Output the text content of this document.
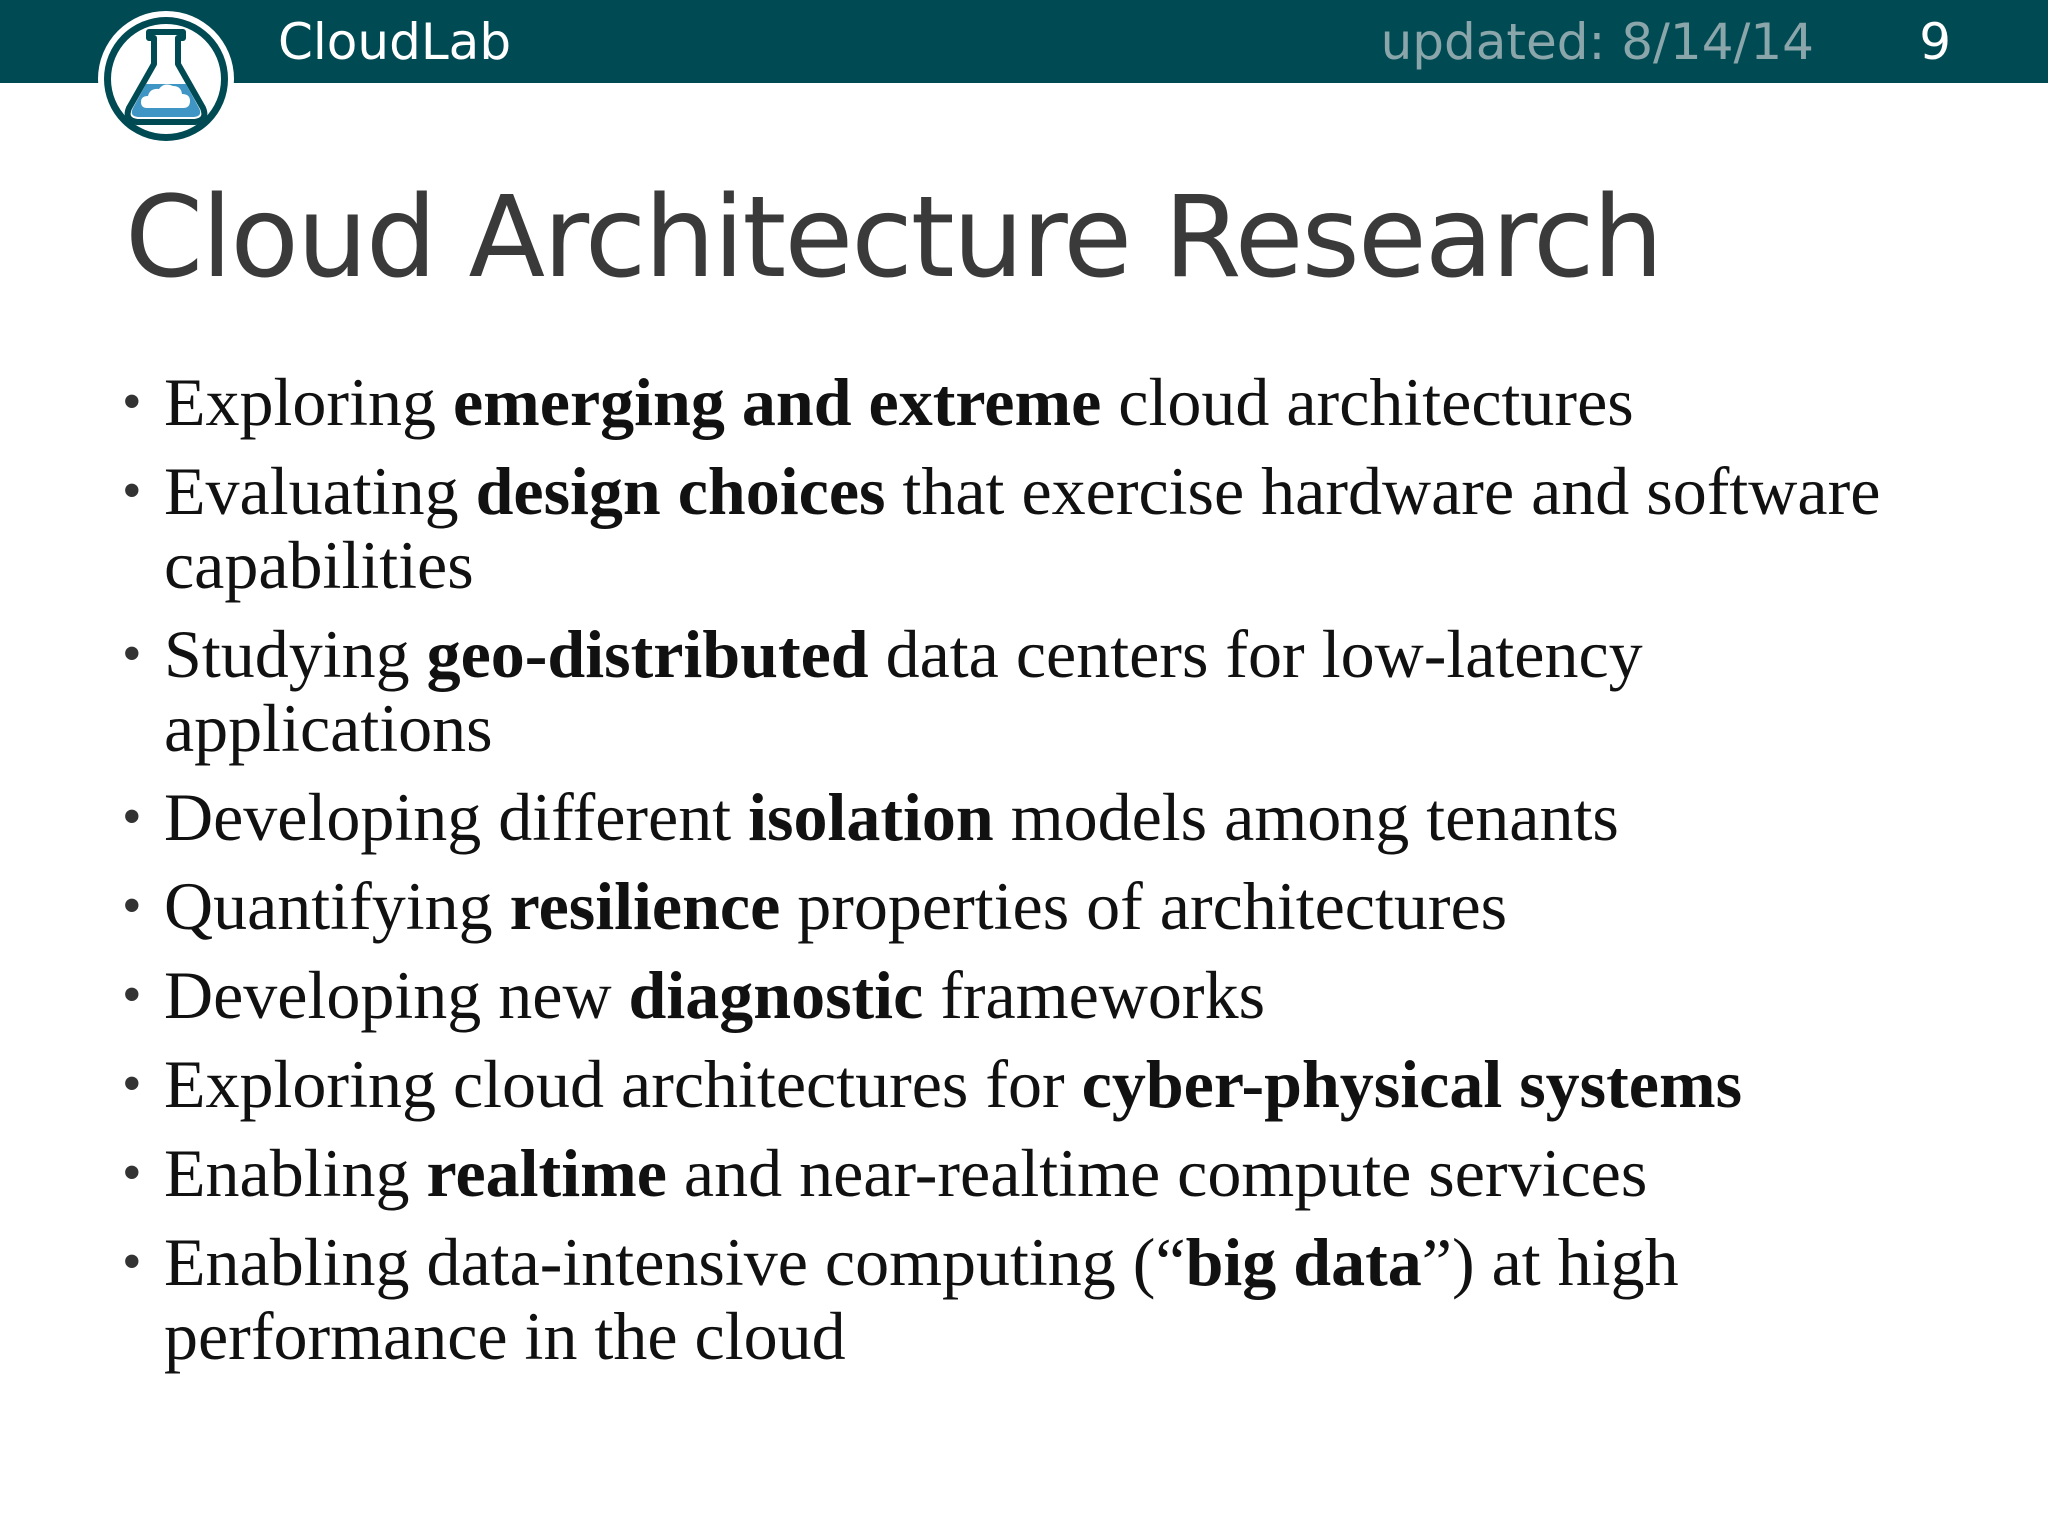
CloudLab	updated: 8/14/14 9
Cloud Architecture Research
• Exploring emerging and extreme cloud architectures
• Evaluating design choices that exercise hardware and software capabilities
• Studying geo-distributed data centers for low-latency applications
• Developing different isolation models among tenants
• Quantifying resilience properties of architectures
• Developing new diagnostic frameworks
• Exploring cloud architectures for cyber-physical systems
• Enabling realtime and near-realtime compute services
• Enabling data-intensive computing (“big data”) at high performance in the cloud
